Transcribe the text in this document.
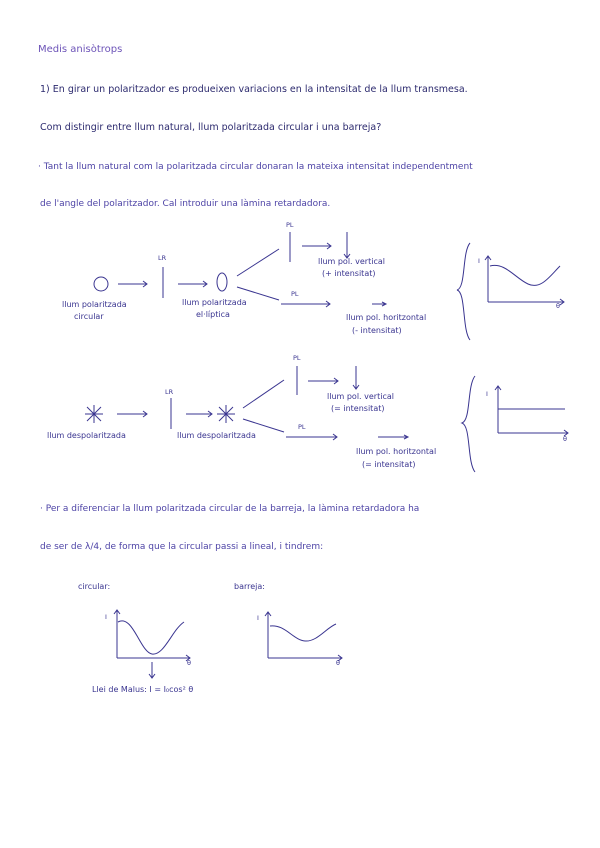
Medis anisòtrops
1) En girar un polaritzador es produeixen variacions en la intensitat de la llum transmesa.
Com distingir entre llum natural, llum polaritzada circular i una barreja?
· Tant la llum natural com la polaritzada circular donaran la mateixa intensitat independentment
de l'angle del polaritzador. Cal introduir una làmina retardadora.
LR
PL
PL
llum polaritzada
circular
llum polaritzada
el·líptica
llum pol. vertical
(+ intensitat)
llum pol. horitzontal
(- intensitat)
I
θ
LR
PL
PL
llum despolaritzada	llum despolaritzada
llum pol. vertical
(= intensitat)
llum pol. horitzontal
(= intensitat)
I
θ
· Per a diferenciar la llum polaritzada circular de la barreja, la làmina retardadora ha
de ser de λ/4, de forma que la circular passi a lineal, i tindrem:
circular:	barreja:
I
θ
I
θ
Llei de Malus: I = I₀cos² θ
